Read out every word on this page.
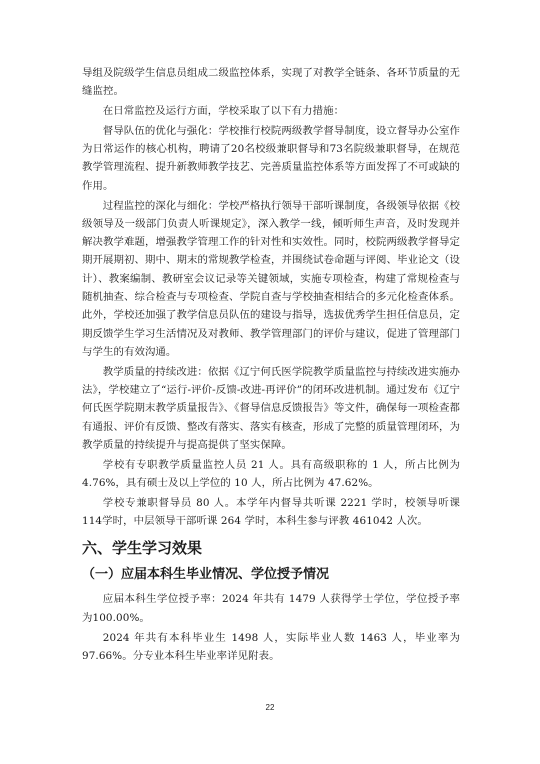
导组及院级学生信息员组成二级监控体系，实现了对教学全链条、各环节质量的无缝监控。

在日常监控及运行方面，学校采取了以下有力措施：

督导队伍的优化与强化：学校推行校院两级教学督导制度，设立督导办公室作为日常运作的核心机构，聘请了20名校级兼职督导和73名院级兼职督导，在规范教学管理流程、提升新教师教学技艺、完善质量监控体系等方面发挥了不可或缺的作用。

过程监控的深化与细化：学校严格执行领导干部听课制度，各级领导依据《校级领导及一级部门负责人听课规定》，深入教学一线，倾听师生声音，及时发现并解决教学难题，增强教学管理工作的针对性和实效性。同时，校院两级教学督导定期开展期初、期中、期末的常规教学检查，并围绕试卷命题与评阅、毕业论文（设计）、教案编制、教研室会议记录等关键领域，实施专项检查，构建了常规检查与随机抽查、综合检查与专项检查、学院自查与学校抽查相结合的多元化检查体系。此外，学校还加强了教学信息员队伍的建设与指导，选拔优秀学生担任信息员，定期反馈学生学习生活情况及对教师、教学管理部门的评价与建议，促进了管理部门与学生的有效沟通。

教学质量的持续改进：依据《辽宁何氏医学院教学质量监控与持续改进实施办法》，学校建立了“运行-评价-反馈-改进-再评价”的闭环改进机制。通过发布《辽宁何氏医学院期末教学质量报告》、《督导信息反馈报告》等文件，确保每一项检查都有通报、评价有反馈、整改有落实、落实有核查，形成了完整的质量管理闭环，为教学质量的持续提升与提高提供了坚实保障。

学校有专职教学质量监控人员 21 人。具有高级职称的 1 人，所占比例为4.76%，具有硕士及以上学位的 10 人，所占比例为 47.62%。

学校专兼职督导员 80 人。本学年内督导共听课 2221 学时，校领导听课 114学时，中层领导干部听课 264 学时，本科生参与评教 461042 人次。

六、学生学习效果
（一）应届本科生毕业情况、学位授予情况

应届本科生学位授予率：2024 年共有 1479 人获得学士学位，学位授予率为100.00%。

2024 年共有本科毕业生 1498 人，实际毕业人数 1463 人，毕业率为 97.66%。分专业本科生毕业率详见附表。

22
